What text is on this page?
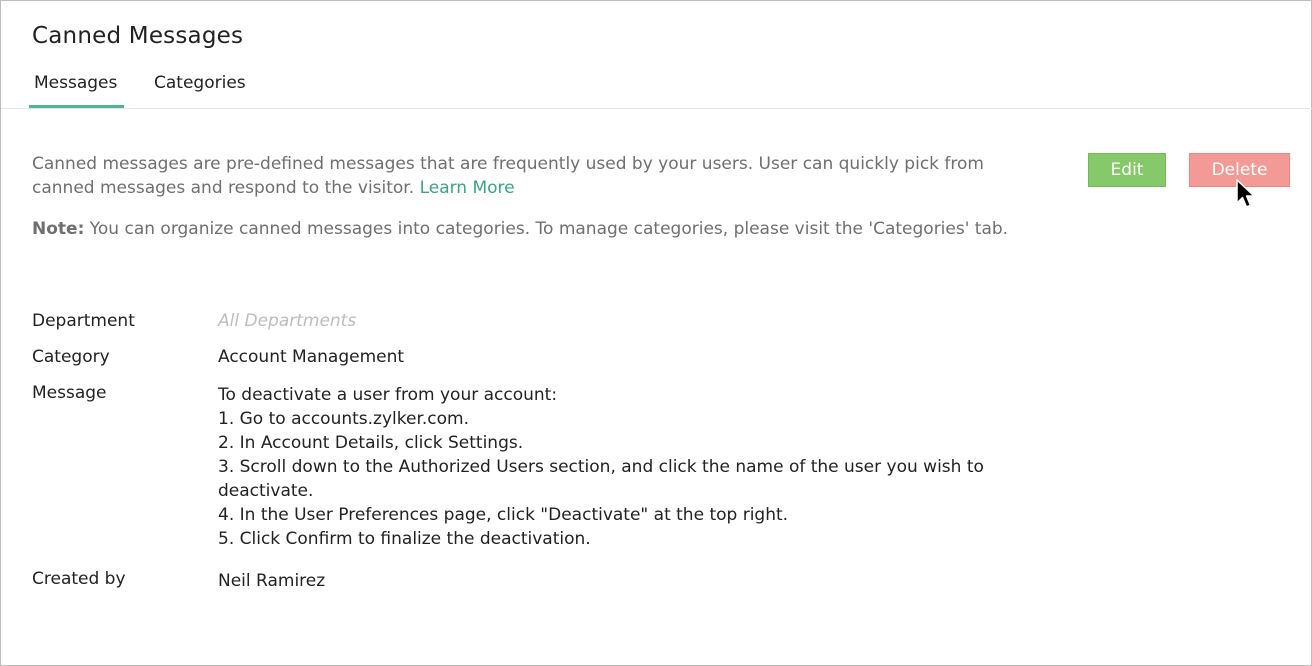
Canned Messages
Messages Categories

Canned messages are pre-defined messages that are frequently used by your users. User can quickly pick from canned messages and respond to the visitor. Learn More

Note: You can organize canned messages into categories. To manage categories, please visit the 'Categories' tab.

Edit	Delete
Department	All Departments
Category	Account Management
Message	To deactivate a user from your account:
1. Go to accounts.zylker.com.
2. In Account Details, click Settings.
3. Scroll down to the Authorized Users section, and click the name of the user you wish to deactivate.
4. In the User Preferences page, click "Deactivate" at the top right.
5. Click Confirm to finalize the deactivation.
Created by	Neil Ramirez
